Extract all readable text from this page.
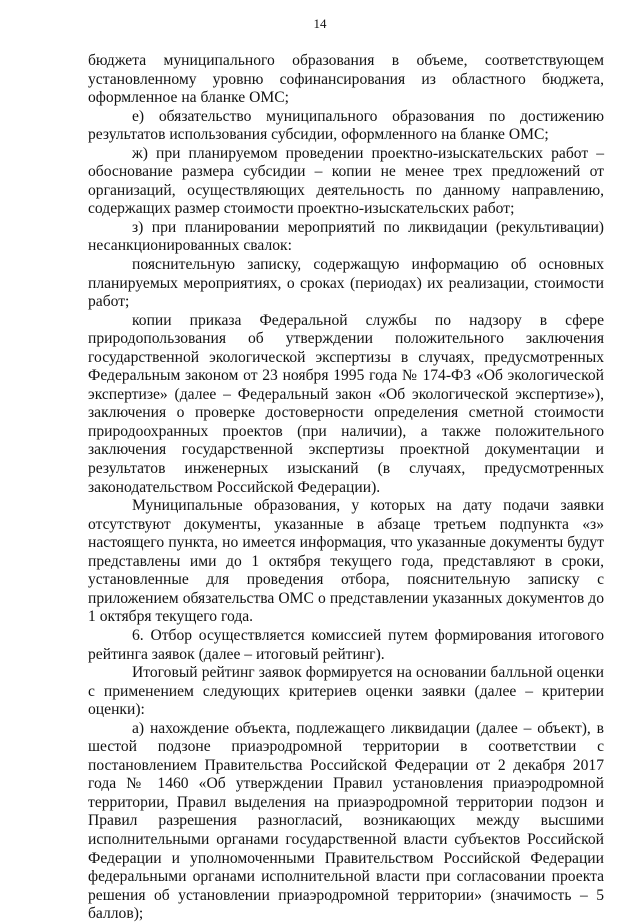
14

бюджета муниципального образования в объеме, соответствующем установленному уровню софинансирования из областного бюджета, оформленное на бланке ОМС;

е) обязательство муниципального образования по достижению результатов использования субсидии, оформленного на бланке ОМС;

ж) при планируемом проведении проектно-изыскательских работ – обоснование размера субсидии – копии не менее трех предложений от организаций, осуществляющих деятельность по данному направлению, содержащих размер стоимости проектно-изыскательских работ;

з) при планировании мероприятий по ликвидации (рекультивации) несанкционированных свалок:

пояснительную записку, содержащую информацию об основных планируемых мероприятиях, о сроках (периодах) их реализации, стоимости работ;

копии приказа Федеральной службы по надзору в сфере природопользования об утверждении положительного заключения государственной экологической экспертизы в случаях, предусмотренных Федеральным законом от 23 ноября 1995 года № 174-ФЗ «Об экологической экспертизе» (далее – Федеральный закон «Об экологической экспертизе»), заключения о проверке достоверности определения сметной стоимости природоохранных проектов (при наличии), а также положительного заключения государственной экспертизы проектной документации и результатов инженерных изысканий (в случаях, предусмотренных законодательством Российской Федерации).

Муниципальные образования, у которых на дату подачи заявки отсутствуют документы, указанные в абзаце третьем подпункта «з» настоящего пункта, но имеется информация, что указанные документы будут представлены ими до 1 октября текущего года, представляют в сроки, установленные для проведения отбора, пояснительную записку с приложением обязательства ОМС о представлении указанных документов до 1 октября текущего года.

6. Отбор осуществляется комиссией путем формирования итогового рейтинга заявок (далее – итоговый рейтинг).

Итоговый рейтинг заявок формируется на основании балльной оценки с применением следующих критериев оценки заявки (далее – критерии оценки):

а) нахождение объекта, подлежащего ликвидации (далее – объект), в шестой подзоне приаэродромной территории в соответствии с постановлением Правительства Российской Федерации от 2 декабря 2017 года № 1460 «Об утверждении Правил установления приаэродромной территории, Правил выделения на приаэродромной территории подзон и Правил разрешения разногласий, возникающих между высшими исполнительными органами государственной власти субъектов Российской Федерации и уполномоченными Правительством Российской Федерации федеральными органами исполнительной власти при согласовании проекта решения об установлении приаэродромной территории» (значимость – 5 баллов);
